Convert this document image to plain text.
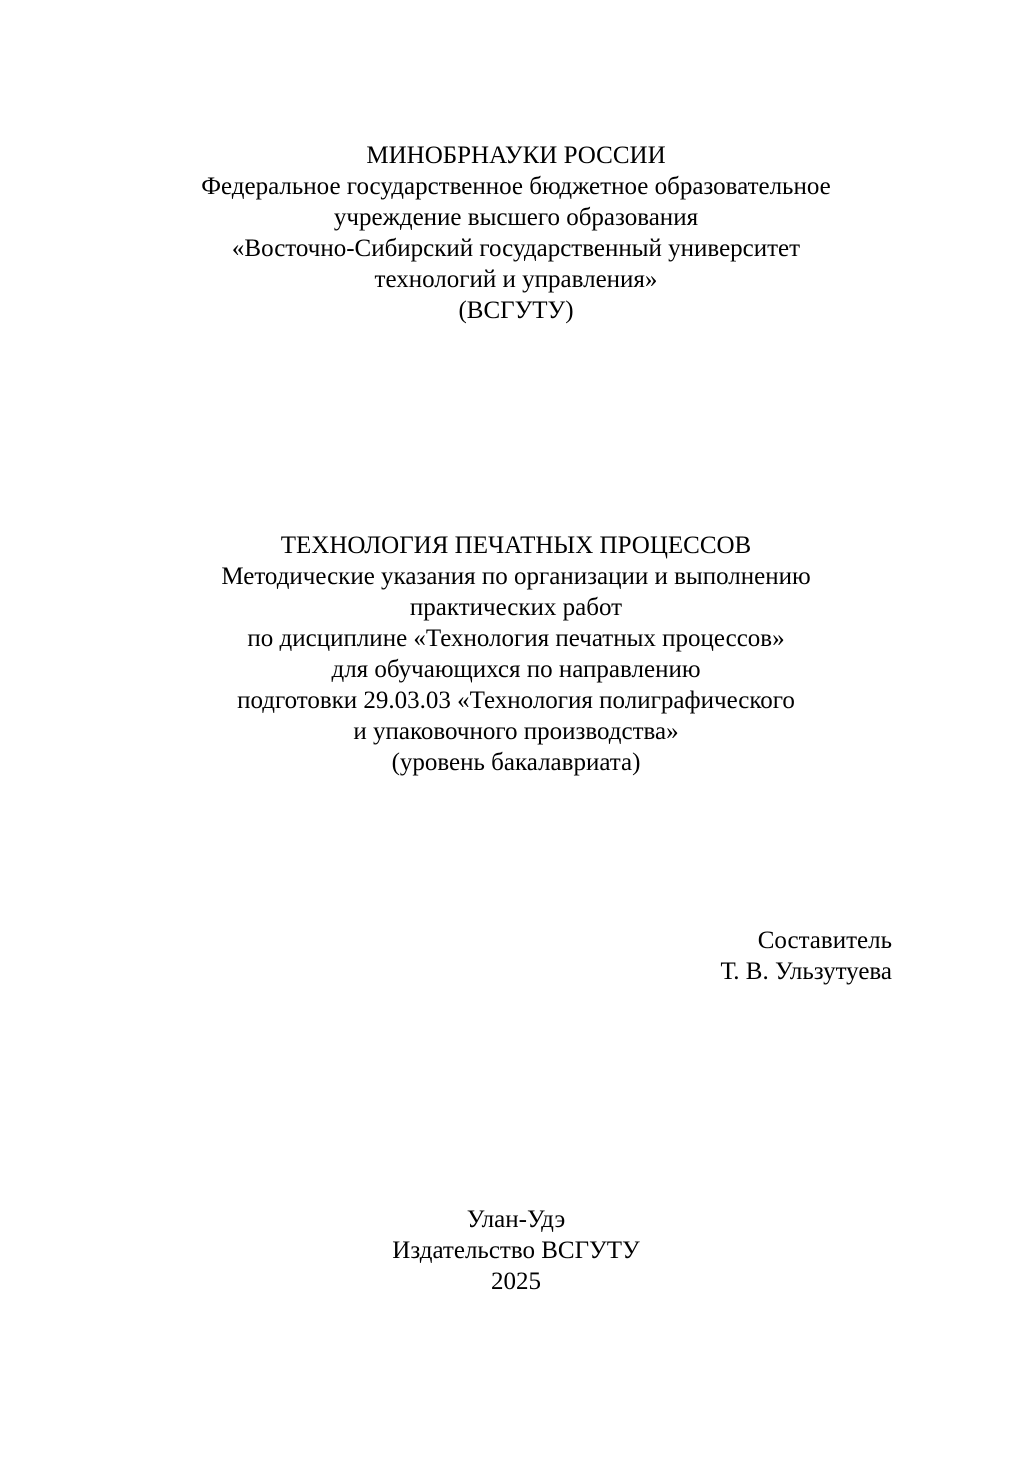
МИНОБРНАУКИ РОССИИ
Федеральное государственное бюджетное образовательное
учреждение высшего образования
«Восточно-Сибирский государственный университет
технологий и управления»
(ВСГУТУ)
ТЕХНОЛОГИЯ ПЕЧАТНЫХ ПРОЦЕССОВ
Методические указания по организации и выполнению
практических работ
по дисциплине «Технология печатных процессов»
для обучающихся по направлению
подготовки 29.03.03 «Технология полиграфического
и упаковочного производства»
(уровень бакалавриата)
Составитель
Т. В. Ульзутуева
Улан-Удэ
Издательство ВСГУТУ
2025
